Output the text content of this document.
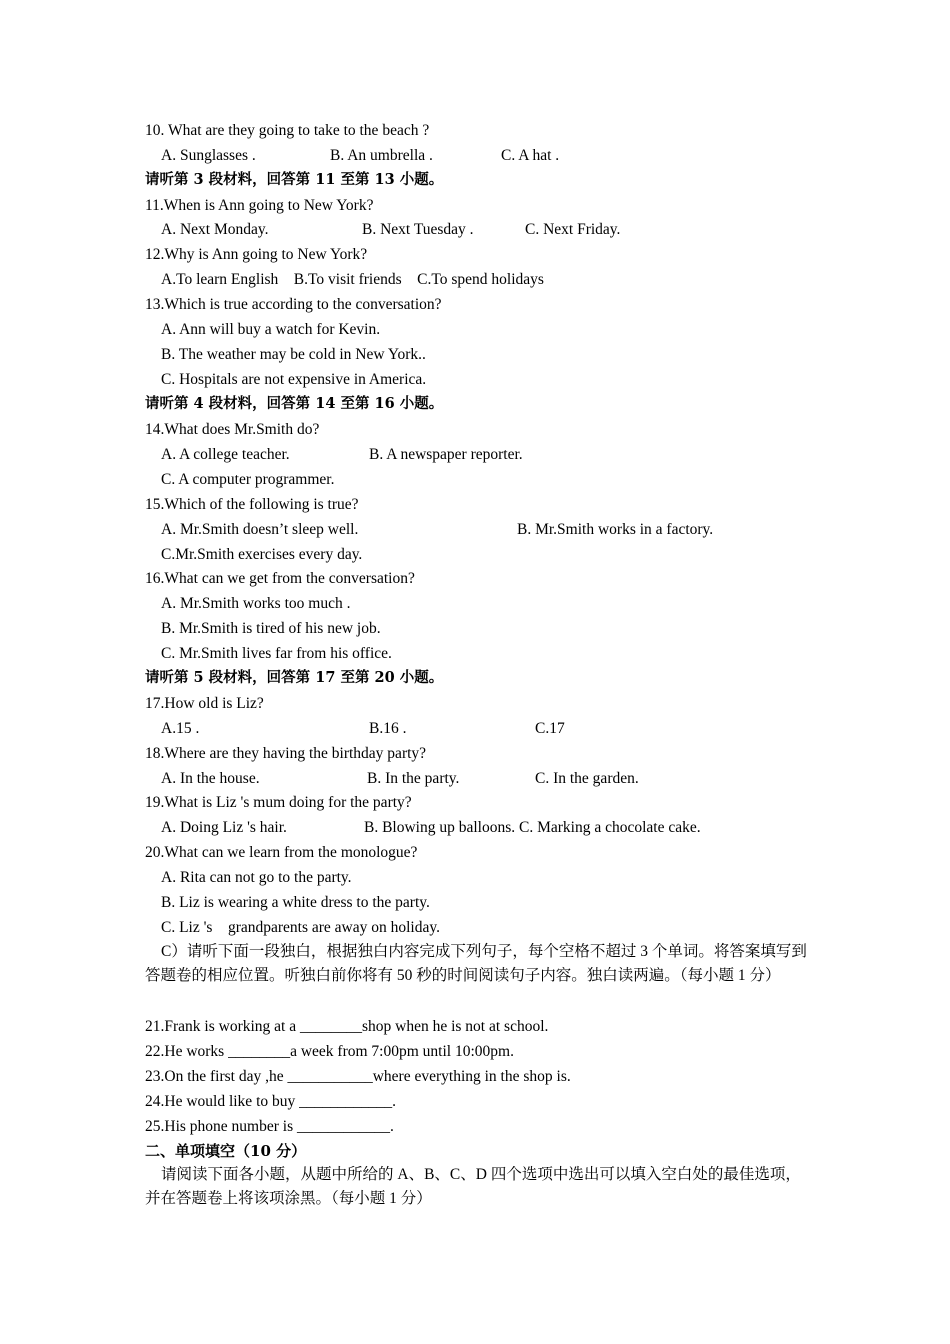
10. What are they going to take to the beach ?
A. Sunglasses .	B. An umbrella .	C. A hat .
请听第 3 段材料，回答第 11 至第 13 小题。
11.When is Ann going to New York?
A. Next Monday.	B. Next Tuesday .	C. Next Friday.
12.Why is Ann going to New York?
A.To learn English    B.To visit friends    C.To spend holidays
13.Which is true according to the conversation?
A. Ann will buy a watch for Kevin.
B. The weather may be cold in New York..
C. Hospitals are not expensive in America.
请听第 4 段材料，回答第 14 至第 16 小题。
14.What does Mr.Smith do?
A. A college teacher.	B. A newspaper reporter.
C. A computer programmer.
15.Which of the following is true?
A. Mr.Smith doesn’t sleep well.	B. Mr.Smith works in a factory.
C.Mr.Smith exercises every day.
16.What can we get from the conversation?
A. Mr.Smith works too much .
B. Mr.Smith is tired of his new job.
C. Mr.Smith lives far from his office.
请听第 5 段材料，回答第 17 至第 20 小题。
17.How old is Liz?
A.15 .	B.16 .	C.17
18.Where are they having the birthday party?
A. In the house.	B. In the party.	C. In the garden.
19.What is Liz 's mum doing for the party?
A. Doing Liz 's hair.	B. Blowing up balloons. C. Marking a chocolate cake.
20.What can we learn from the monologue?
A. Rita can not go to the party.
B. Liz is wearing a white dress to the party.
C. Liz 's    grandparents are away on holiday.
C）请听下面一段独白，根据独白内容完成下列句子，每个空格不超过 3 个单词。将答案填写到答题卷的相应位置。听独白前你将有 50 秒的时间阅读句子内容。独白读两遍。（每小题 1 分）
21.Frank is working at a ________shop when he is not at school.
22.He works ________a week from 7:00pm until 10:00pm.
23.On the first day ,he ___________where everything in the shop is.
24.He would like to buy ____________.
25.His phone number is ____________.
二、单项填空（10 分）
请阅读下面各小题，从题中所给的 A、B、C、D 四个选项中选出可以填入空白处的最佳选项，并在答题卷上将该项涂黑。（每小题 1 分）
